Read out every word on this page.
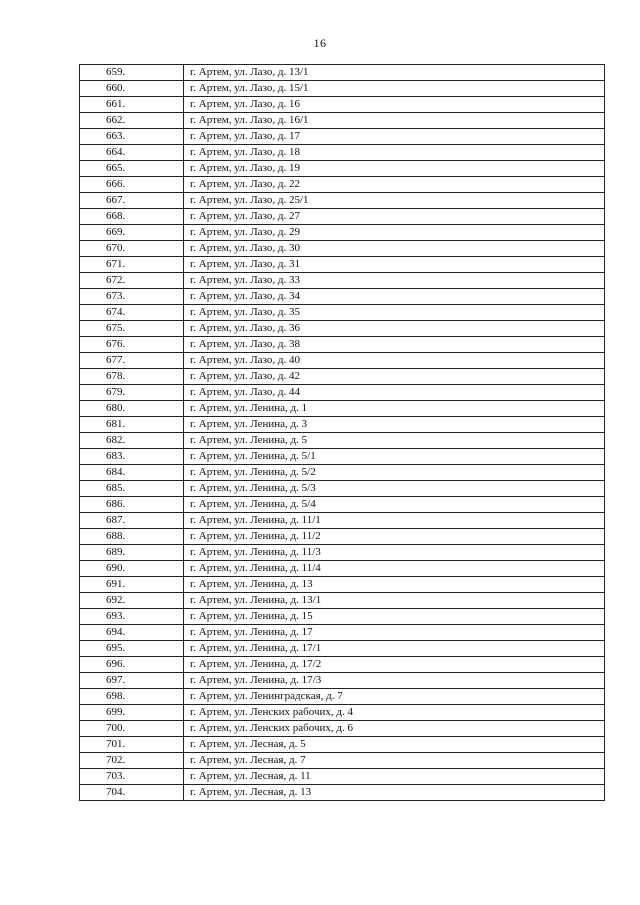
16
659.	г. Артем, ул. Лазо, д. 13/1
660.	г. Артем, ул. Лазо, д. 15/1
661.	г. Артем, ул. Лазо, д. 16
662.	г. Артем, ул. Лазо, д. 16/1
663.	г. Артем, ул. Лазо, д. 17
664.	г. Артем, ул. Лазо, д. 18
665.	г. Артем, ул. Лазо, д. 19
666.	г. Артем, ул. Лазо, д. 22
667.	г. Артем, ул. Лазо, д. 25/1
668.	г. Артем, ул. Лазо, д. 27
669.	г. Артем, ул. Лазо, д. 29
670.	г. Артем, ул. Лазо, д. 30
671.	г. Артем, ул. Лазо, д. 31
672.	г. Артем, ул. Лазо, д. 33
673.	г. Артем, ул. Лазо, д. 34
674.	г. Артем, ул. Лазо, д. 35
675.	г. Артем, ул. Лазо, д. 36
676.	г. Артем, ул. Лазо, д. 38
677.	г. Артем, ул. Лазо, д. 40
678.	г. Артем, ул. Лазо, д. 42
679.	г. Артем, ул. Лазо, д. 44
680.	г. Артем, ул. Ленина, д. 1
681.	г. Артем, ул. Ленина, д. 3
682.	г. Артем, ул. Ленина, д. 5
683.	г. Артем, ул. Ленина, д. 5/1
684.	г. Артем, ул. Ленина, д. 5/2
685.	г. Артем, ул. Ленина, д. 5/3
686.	г. Артем, ул. Ленина, д. 5/4
687.	г. Артем, ул. Ленина, д. 11/1
688.	г. Артем, ул. Ленина, д. 11/2
689.	г. Артем, ул. Ленина, д. 11/3
690.	г. Артем, ул. Ленина, д. 11/4
691.	г. Артем, ул. Ленина, д. 13
692.	г. Артем, ул. Ленина, д. 13/1
693.	г. Артем, ул. Ленина, д. 15
694.	г. Артем, ул. Ленина, д. 17
695.	г. Артем, ул. Ленина, д. 17/1
696.	г. Артем, ул. Ленина, д. 17/2
697.	г. Артем, ул. Ленина, д. 17/3
698.	г. Артем, ул. Ленинградская, д. 7
699.	г. Артем, ул. Ленских рабочих, д. 4
700.	г. Артем, ул. Ленских рабочих, д. 6
701.	г. Артем, ул. Лесная, д. 5
702.	г. Артем, ул. Лесная, д. 7
703.	г. Артем, ул. Лесная, д. 11
704.	г. Артем, ул. Лесная, д. 13
